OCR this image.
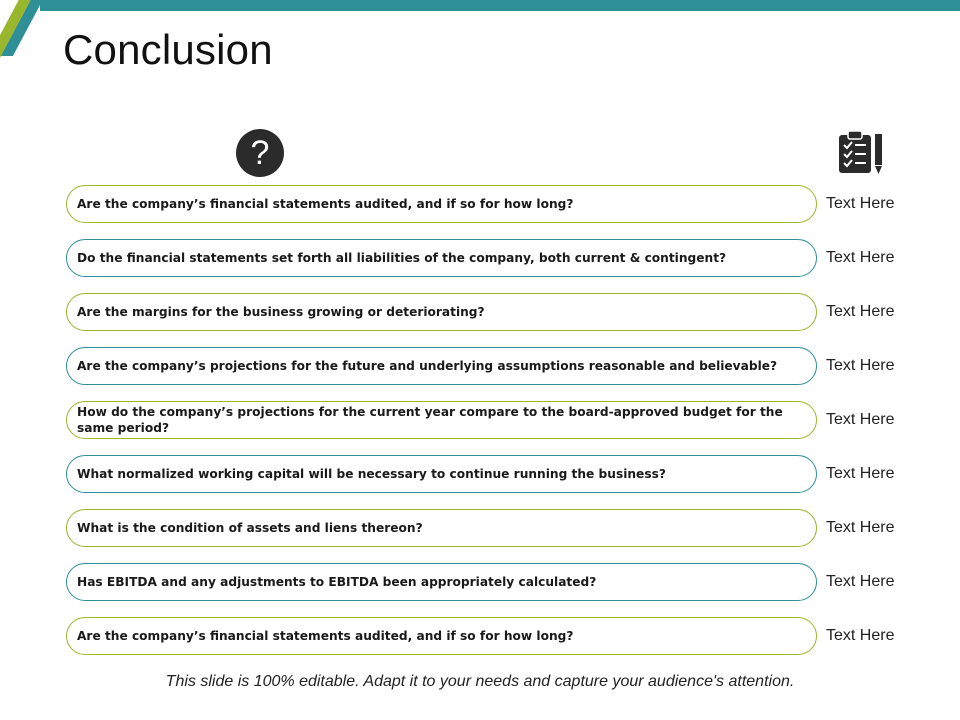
Conclusion
?
Are the company’s financial statements audited, and if so for how long?	Text Here
Do the financial statements set forth all liabilities of the company, both current & contingent?	Text Here
Are the margins for the business growing or deteriorating?	Text Here
Are the company’s projections for the future and underlying assumptions reasonable and believable?	Text Here
How do the company’s projections for the current year compare to the board-approved budget for the same period?	Text Here
What normalized working capital will be necessary to continue running the business?	Text Here
What is the condition of assets and liens thereon?	Text Here
Has EBITDA and any adjustments to EBITDA been appropriately calculated?	Text Here
Are the company’s financial statements audited, and if so for how long?	Text Here
This slide is 100% editable. Adapt it to your needs and capture your audience's attention.
